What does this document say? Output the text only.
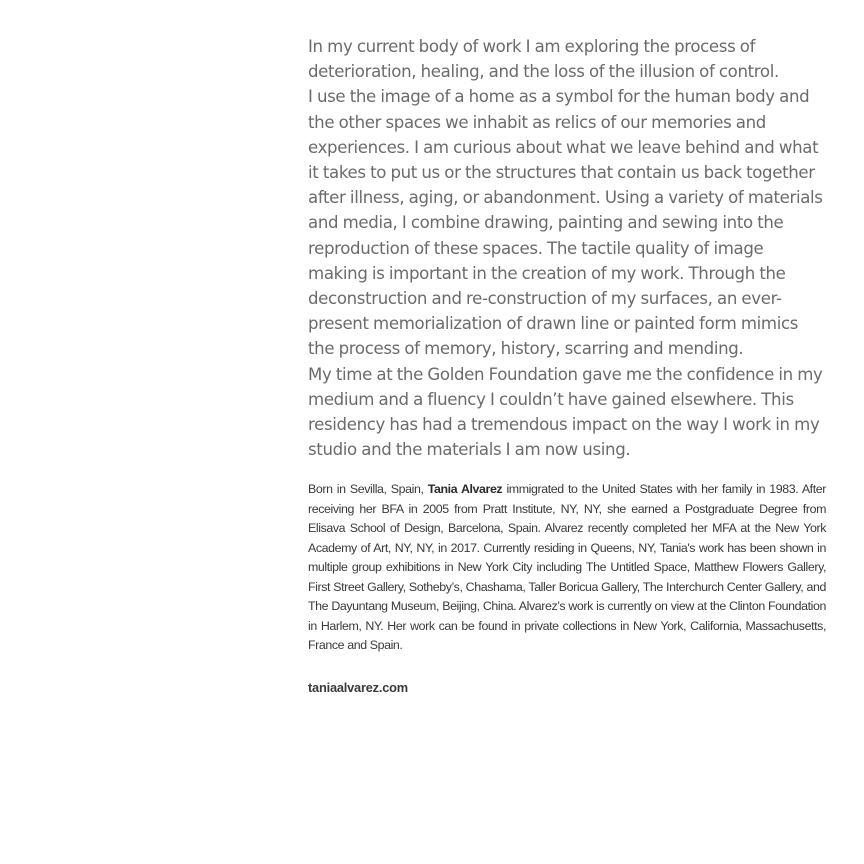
In my current body of work I am exploring the process of deterioration, healing, and the loss of the illusion of control.

I use the image of a home as a symbol for the human body and the other spaces we inhabit as relics of our memories and experiences. I am curious about what we leave behind and what it takes to put us or the structures that contain us back together after illness, aging, or abandonment. Using a variety of materials and media, I combine drawing, painting and sewing into the reproduction of these spaces. The tactile quality of image making is important in the creation of my work. Through the deconstruction and re-construction of my surfaces, an ever-present memorialization of drawn line or painted form mimics the process of memory, history, scarring and mending.

My time at the Golden Foundation gave me the confidence in my medium and a fluency I couldn’t have gained elsewhere. This residency has had a tremendous impact on the way I work in my studio and the materials I am now using.

Born in Sevilla, Spain, Tania Alvarez immigrated to the United States with her family in 1983. After receiving her BFA in 2005 from Pratt Institute, NY, NY, she earned a Postgraduate Degree from Elisava School of Design, Barcelona, Spain. Alvarez recently completed her MFA at the New York Academy of Art, NY, NY, in 2017. Currently residing in Queens, NY, Tania's work has been shown in multiple group exhibitions in New York City including The Untitled Space, Matthew Flowers Gallery, First Street Gallery, Sotheby’s, Chashama, Taller Boricua Gallery, The Interchurch Center Gallery, and The Dayuntang Museum, Beijing, China. Alvarez’s work is currently on view at the Clinton Foundation in Harlem, NY. Her work can be found in private collections in New York, California, Massachusetts, France and Spain.

taniaalvarez.com
